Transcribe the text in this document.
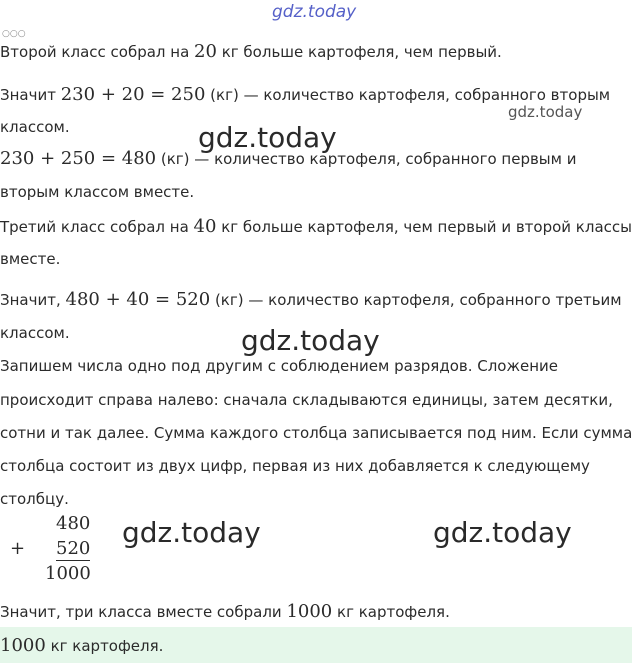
gdz.today
○○○
gdz.today
gdz.today
gdz.today
gdz.today	gdz.today
Второй класс собрал на 20 кг больше картофеля, чем первый.
Значит 230 + 20 = 250 (кг) — количество картофеля, собранного вторым
классом.
230 + 250 = 480 (кг) — количество картофеля, собранного первым и
вторым классом вместе.
Третий класс собрал на 40 кг больше картофеля, чем первый и второй классы
вместе.
Значит, 480 + 40 = 520 (кг) — количество картофеля, собранного третьим
классом.
Запишем числа одно под другим с соблюдением разрядов. Сложение
происходит справа налево: сначала складываются единицы, затем десятки,
сотни и так далее. Сумма каждого столбца записывается под ним. Если сумма
столбца состоит из двух цифр, первая из них добавляется к следующему
столбцу.
+
480
520
1000
Значит, три класса вместе собрали 1000 кг картофеля.
1000 кг картофеля.
